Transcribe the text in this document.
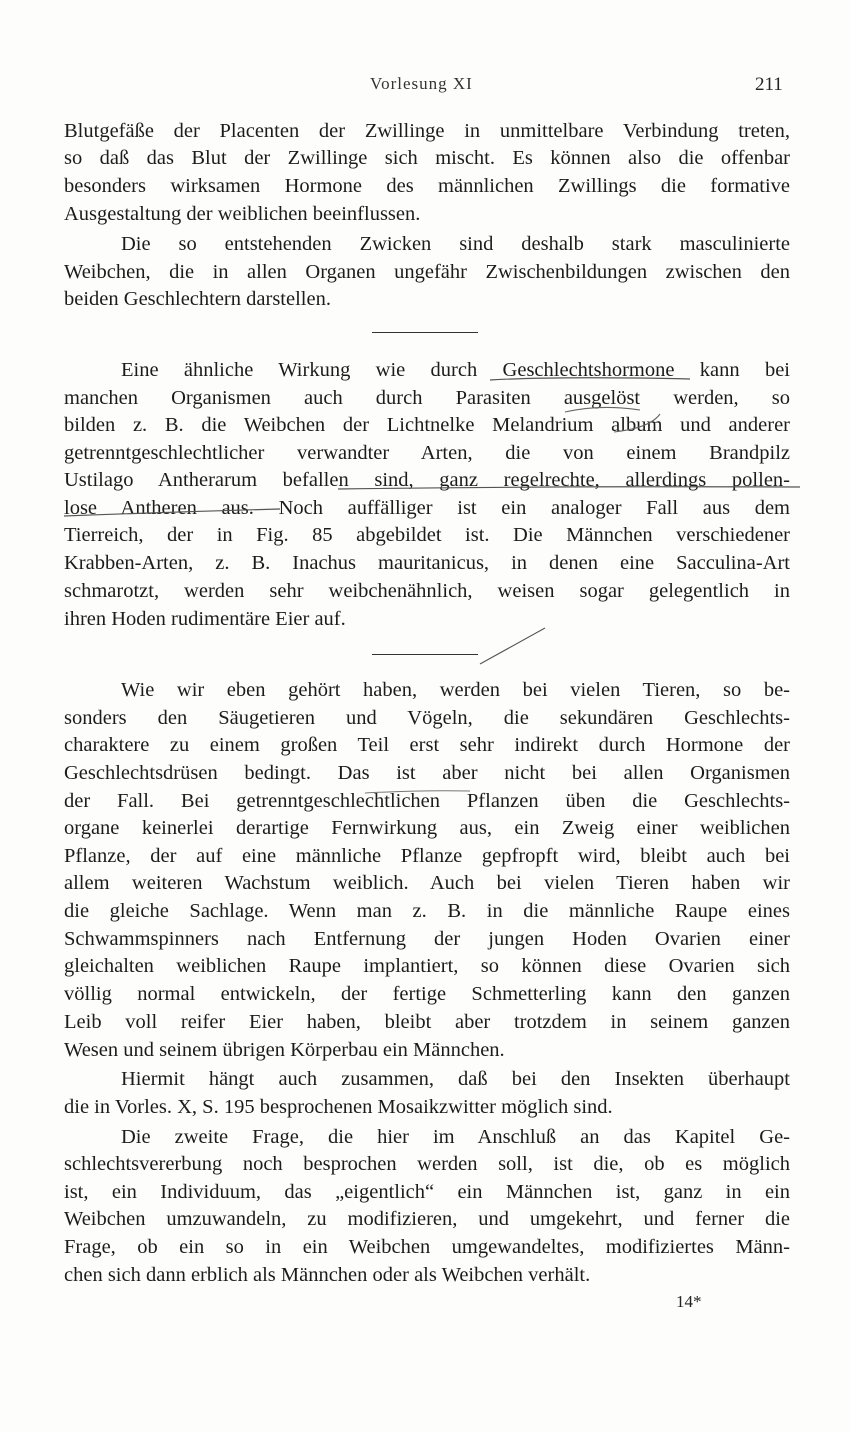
Vorlesung XI	211
Blutgefäße der Placenten der Zwillinge in unmittelbare Verbindung treten,
so daß das Blut der Zwillinge sich mischt. Es können also die offenbar
besonders wirksamen Hormone des männlichen Zwillings die formative
Ausgestaltung der weiblichen beeinflussen.
Die so entstehenden Zwicken sind deshalb stark masculinierte
Weibchen, die in allen Organen ungefähr Zwischenbildungen zwischen den
beiden Geschlechtern darstellen.
Eine ähnliche Wirkung wie durch Geschlechtshormone kann bei
manchen Organismen auch durch Parasiten ausgelöst werden, so
bilden z. B. die Weibchen der Lichtnelke Melandrium album und anderer
getrenntgeschlechtlicher verwandter Arten, die von einem Brandpilz
Ustilago Antherarum befallen sind, ganz regelrechte, allerdings pollen-
lose Antheren aus. Noch auffälliger ist ein analoger Fall aus dem
Tierreich, der in Fig. 85 abgebildet ist. Die Männchen verschiedener
Krabben-Arten, z. B. Inachus mauritanicus, in denen eine Sacculina-Art
schmarotzt, werden sehr weibchenähnlich, weisen sogar gelegentlich in
ihren Hoden rudimentäre Eier auf.
Wie wir eben gehört haben, werden bei vielen Tieren, so be-
sonders den Säugetieren und Vögeln, die sekundären Geschlechts-
charaktere zu einem großen Teil erst sehr indirekt durch Hormone der
Geschlechtsdrüsen bedingt. Das ist aber nicht bei allen Organismen
der Fall. Bei getrenntgeschlechtlichen Pflanzen üben die Geschlechts-
organe keinerlei derartige Fernwirkung aus, ein Zweig einer weiblichen
Pflanze, der auf eine männliche Pflanze gepfropft wird, bleibt auch bei
allem weiteren Wachstum weiblich. Auch bei vielen Tieren haben wir
die gleiche Sachlage. Wenn man z. B. in die männliche Raupe eines
Schwammspinners nach Entfernung der jungen Hoden Ovarien einer
gleichalten weiblichen Raupe implantiert, so können diese Ovarien sich
völlig normal entwickeln, der fertige Schmetterling kann den ganzen
Leib voll reifer Eier haben, bleibt aber trotzdem in seinem ganzen
Wesen und seinem übrigen Körperbau ein Männchen.
Hiermit hängt auch zusammen, daß bei den Insekten überhaupt
die in Vorles. X, S. 195 besprochenen Mosaikzwitter möglich sind.
Die zweite Frage, die hier im Anschluß an das Kapitel Ge-
schlechtsvererbung noch besprochen werden soll, ist die, ob es möglich
ist, ein Individuum, das „eigentlich“ ein Männchen ist, ganz in ein
Weibchen umzuwandeln, zu modifizieren, und umgekehrt, und ferner die
Frage, ob ein so in ein Weibchen umgewandeltes, modifiziertes Männ-
chen sich dann erblich als Männchen oder als Weibchen verhält.
14*
